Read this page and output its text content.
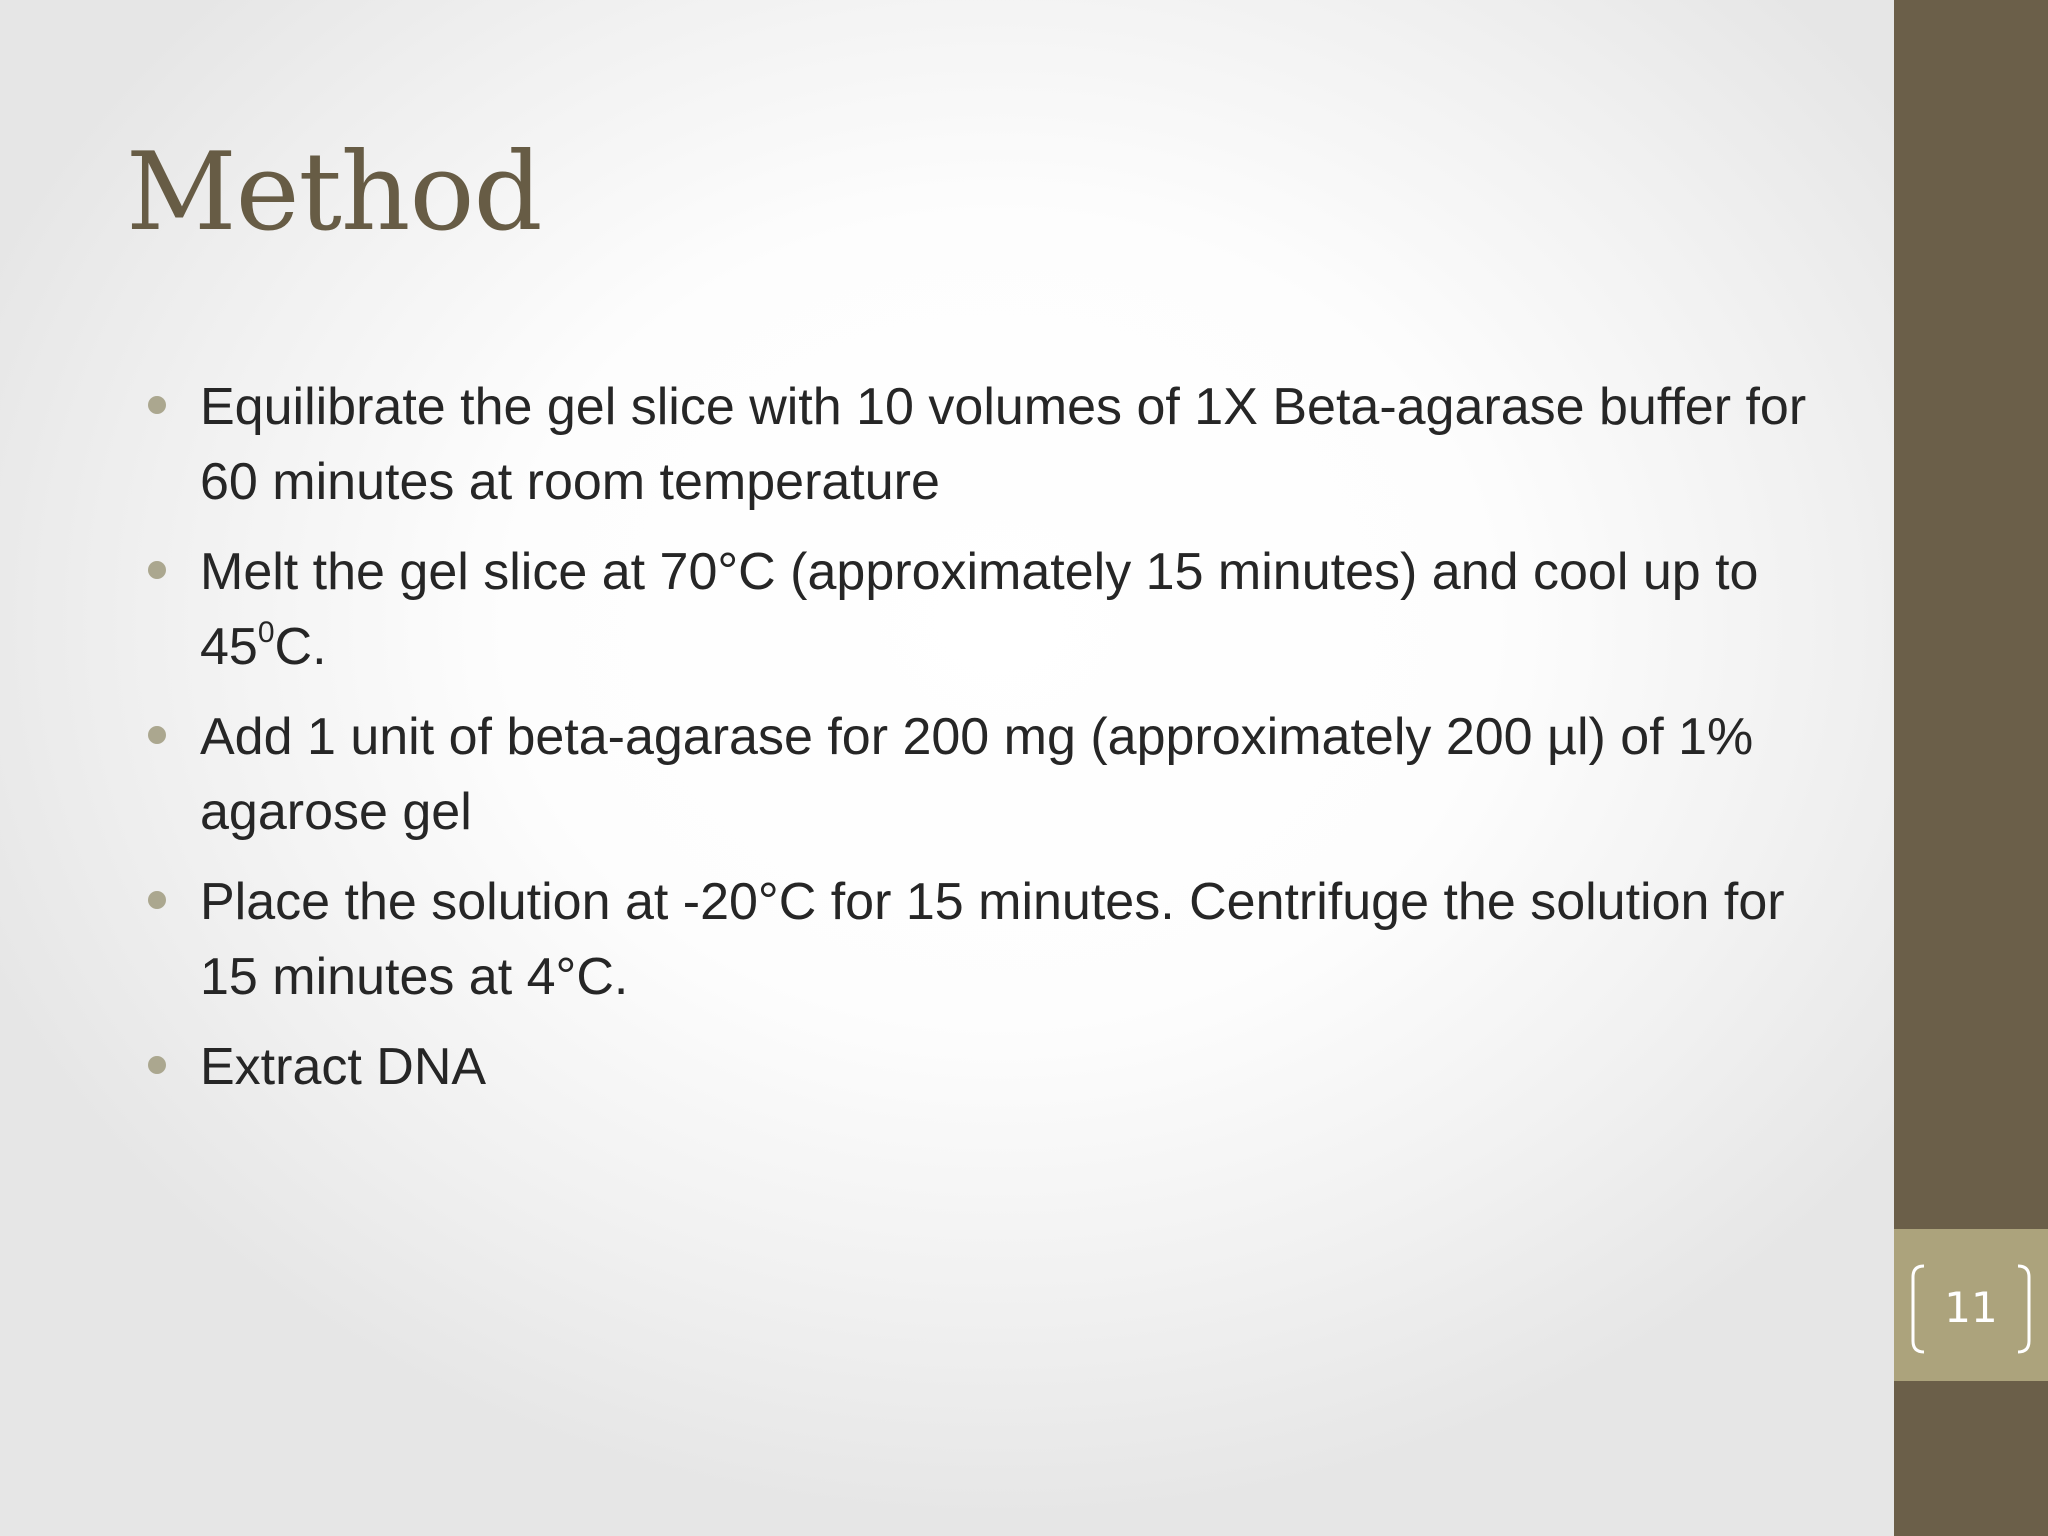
Method
Equilibrate the gel slice with 10 volumes of 1X Beta-agarase buffer for 60 minutes at room temperature
Melt the gel slice at 70°C (approximately 15 minutes) and cool up to $45^0C$.
Add 1 unit of beta-agarase for 200 mg (approximately 200 µl) of 1% agarose gel
Place the solution at -20°C for 15 minutes. Centrifuge the solution for 15 minutes at 4°C.
Extract DNA
11
